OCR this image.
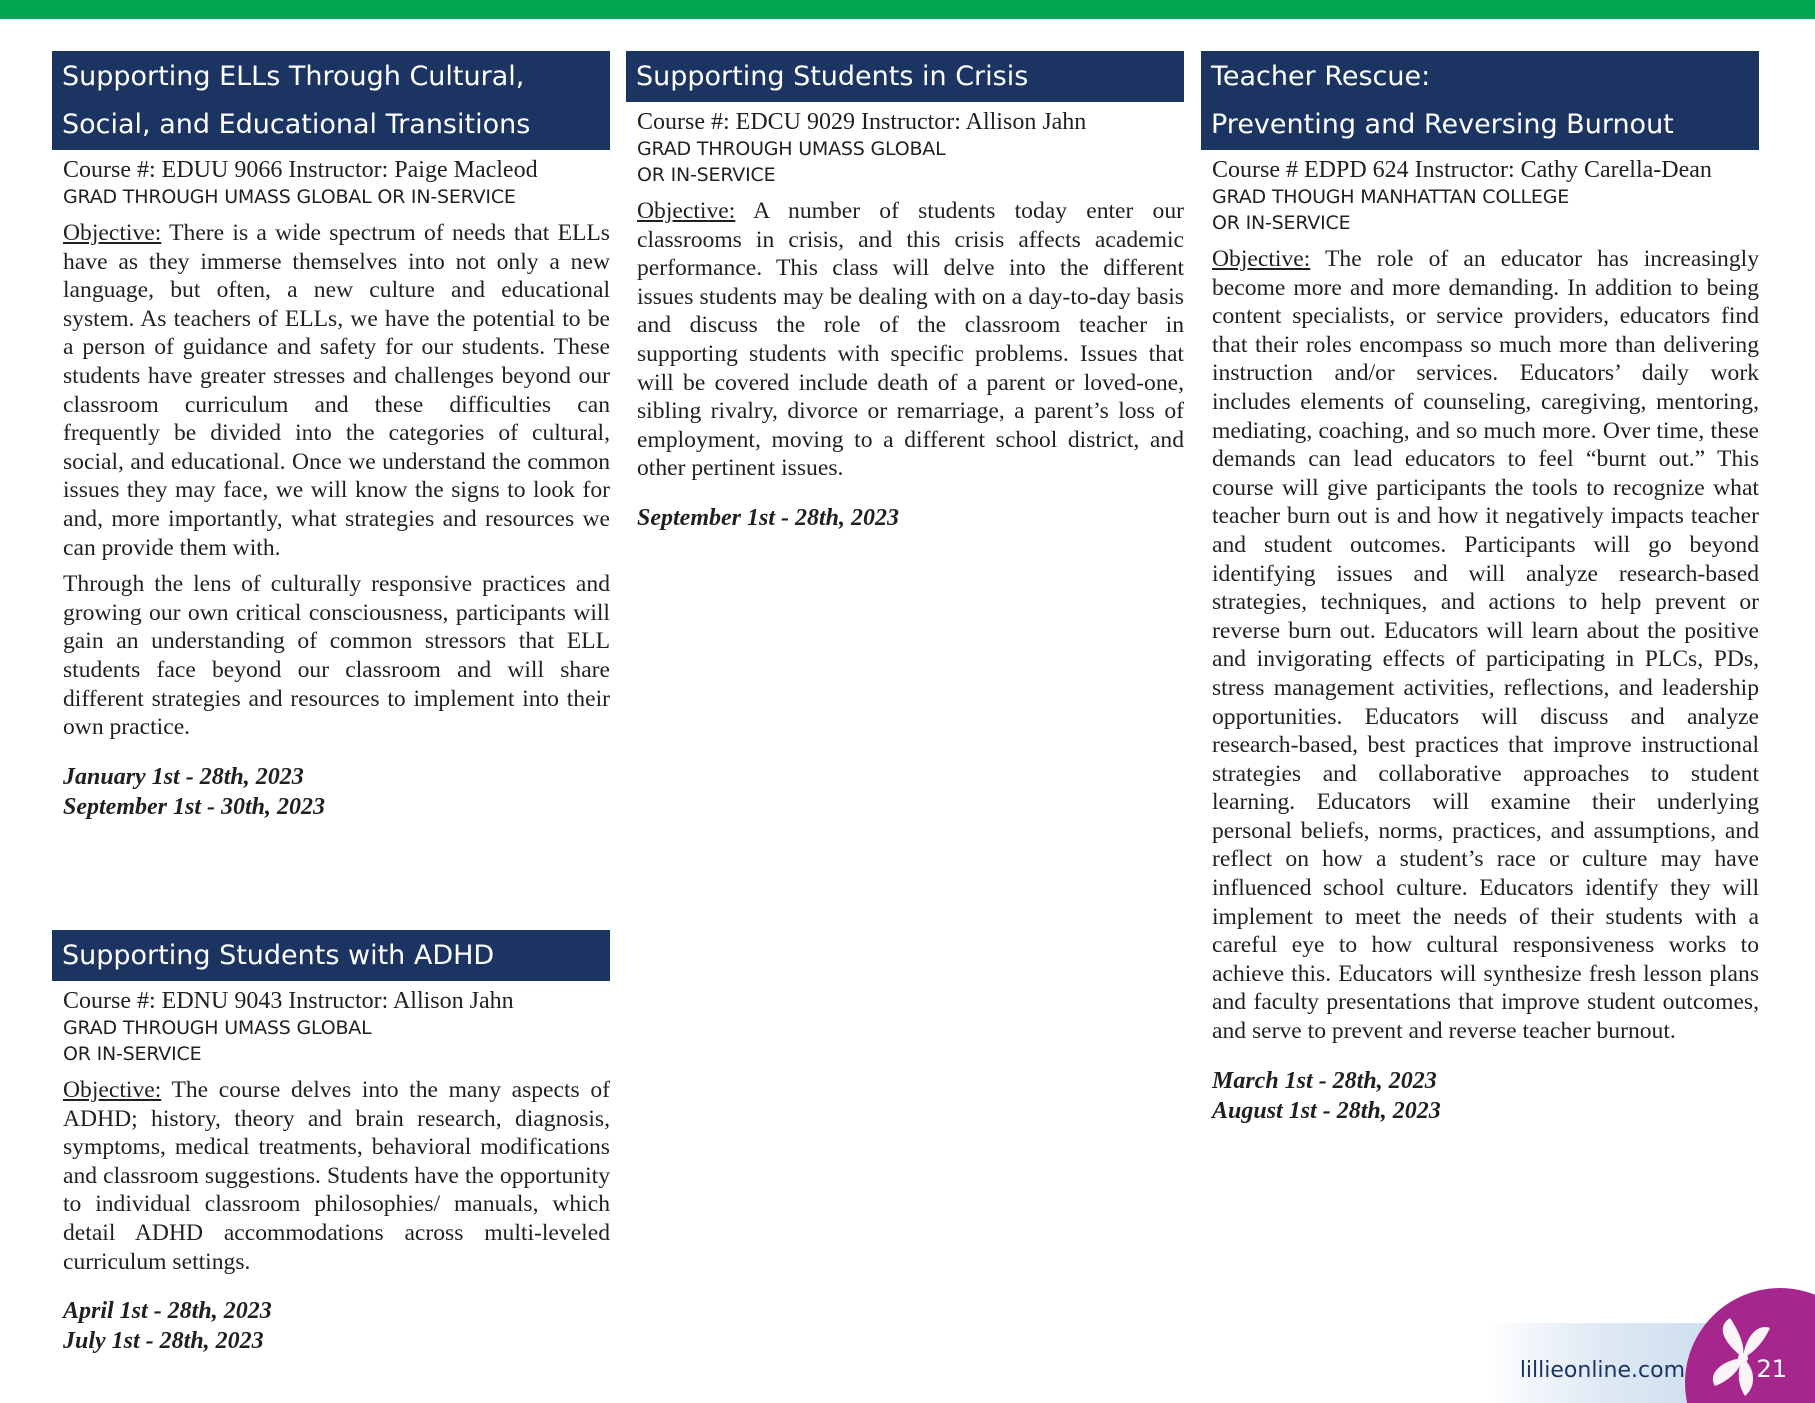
Supporting ELLs Through Cultural,
Social, and Educational Transitions
Course #: EDUU 9066 Instructor: Paige Macleod
GRAD THROUGH UMASS GLOBAL OR IN-SERVICE

Objective: There is a wide spectrum of needs that ELLs have as they immerse themselves into not only a new language, but often, a new culture and educational system. As teachers of ELLs, we have the potential to be a person of guidance and safety for our students. These students have greater stresses and challenges beyond our classroom curriculum and these difficulties can frequently be divided into the categories of cultural, social, and educational. Once we understand the common issues they may face, we will know the signs to look for and, more importantly, what strategies and resources we can provide them with.

Through the lens of culturally responsive practices and growing our own critical consciousness, participants will gain an understanding of common stressors that ELL students face beyond our classroom and will share different strategies and resources to implement into their own practice.

January 1st - 28th, 2023
September 1st - 30th, 2023
Supporting Students with ADHD
Course #: EDNU 9043 Instructor: Allison Jahn
GRAD THROUGH UMASS GLOBAL
OR IN-SERVICE

Objective: The course delves into the many aspects of ADHD; history, theory and brain research, diagnosis, symptoms, medical treatments, behavioral modifications and classroom suggestions. Students have the opportunity to individual classroom philosophies/ manuals, which detail ADHD accommodations across multi-leveled curriculum settings.

April 1st - 28th, 2023
July 1st - 28th, 2023
Supporting Students in Crisis
Course #: EDCU 9029 Instructor: Allison Jahn
GRAD THROUGH UMASS GLOBAL
OR IN-SERVICE

Objective: A number of students today enter our classrooms in crisis, and this crisis affects academic performance. This class will delve into the different issues students may be dealing with on a day-to-day basis and discuss the role of the classroom teacher in supporting students with specific problems. Issues that will be covered include death of a parent or loved-one, sibling rivalry, divorce or remarriage, a parent’s loss of employment, moving to a different school district, and other pertinent issues.

September 1st - 28th, 2023
Teacher Rescue:
Preventing and Reversing Burnout
Course # EDPD 624 Instructor: Cathy Carella-Dean
GRAD THOUGH MANHATTAN COLLEGE
OR IN-SERVICE

Objective: The role of an educator has increasingly become more and more demanding. In addition to being content specialists, or service providers, educators find that their roles encompass so much more than delivering instruction and/or services. Educators’ daily work includes elements of counseling, caregiving, mentoring, mediating, coaching, and so much more. Over time, these demands can lead educators to feel “burnt out.” This course will give participants the tools to recognize what teacher burn out is and how it negatively impacts teacher and student outcomes. Participants will go beyond identifying issues and will analyze research-based strategies, techniques, and actions to help prevent or reverse burn out. Educators will learn about the positive and invigorating effects of participating in PLCs, PDs, stress management activities, reflections, and leadership opportunities. Educators will discuss and analyze research-based, best practices that improve instructional strategies and collaborative approaches to student learning. Educators will examine their underlying personal beliefs, norms, practices, and assumptions, and reflect on how a student’s race or culture may have influenced school culture. Educators identify they will implement to meet the needs of their students with a careful eye to how cultural responsiveness works to achieve this. Educators will synthesize fresh lesson plans and faculty presentations that improve student outcomes, and serve to prevent and reverse teacher burnout.

March 1st - 28th, 2023
August 1st - 28th, 2023
lillieonline.com	21
